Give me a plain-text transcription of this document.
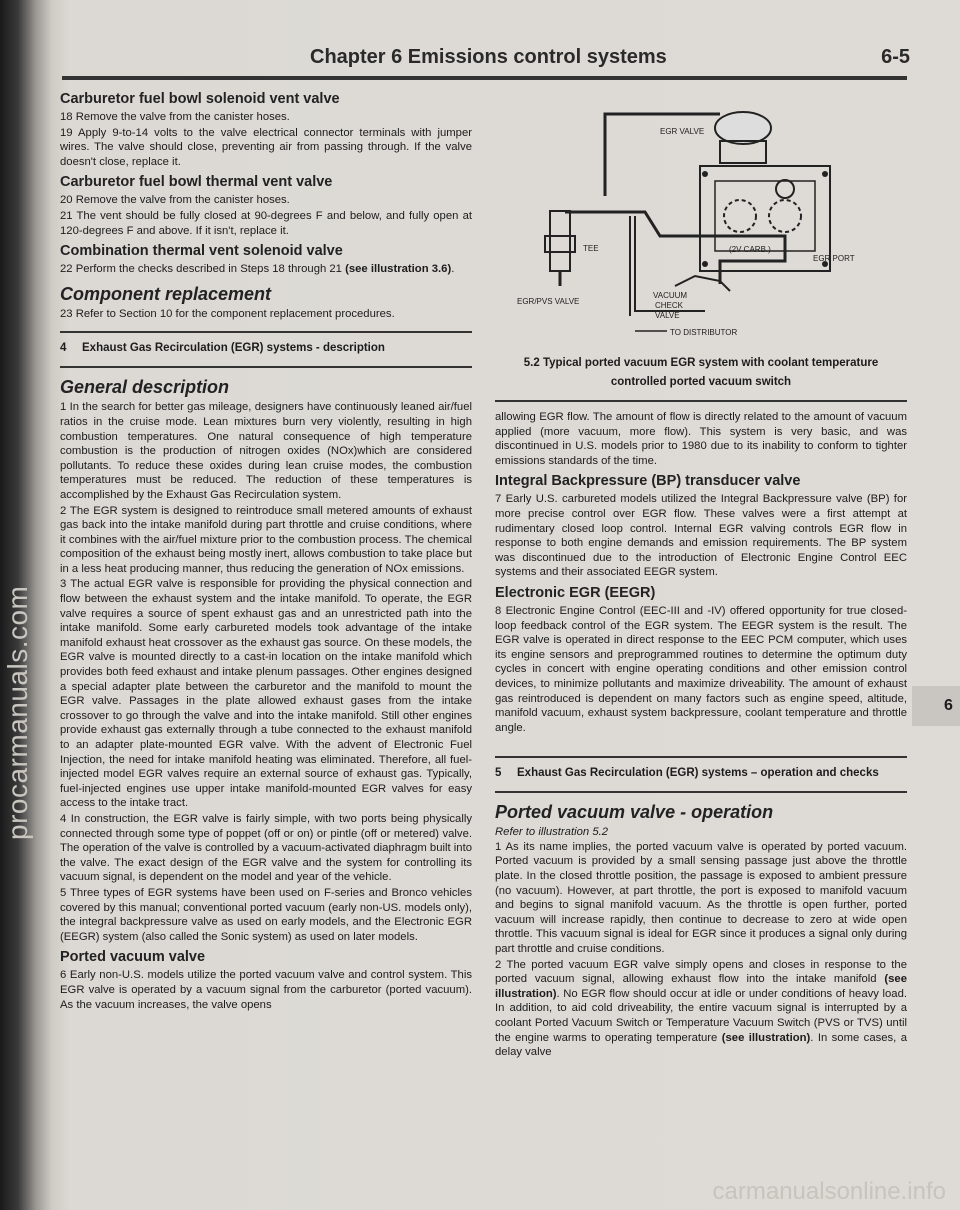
procarmanuals.com
Chapter 6 Emissions control systems	6-5
Carburetor fuel bowl solenoid vent valve

18 Remove the valve from the canister hoses.

19 Apply 9-to-14 volts to the valve electrical connector terminals with jumper wires. The valve should close, preventing air from passing through. If the valve doesn't close, replace it.

Carburetor fuel bowl thermal vent valve

20 Remove the valve from the canister hoses.

21 The vent should be fully closed at 90-degrees F and below, and fully open at 120-degrees F and above. If it isn't, replace it.

Combination thermal vent solenoid valve

22 Perform the checks described in Steps 18 through 21 (see illustration 3.6).

Component replacement

23 Refer to Section 10 for the component replacement procedures.

4 Exhaust Gas Recirculation (EGR) systems - description

General description

1 In the search for better gas mileage, designers have continuously leaned air/fuel ratios in the cruise mode. Lean mixtures burn very violently, resulting in high combustion temperatures. One natural consequence of high temperature combustion is the production of nitrogen oxides (NOx)which are considered pollutants. To reduce these oxides during lean cruise modes, the combustion temperatures must be reduced. The reduction of these temperatures is accomplished by the Exhaust Gas Recirculation system.

2 The EGR system is designed to reintroduce small metered amounts of exhaust gas back into the intake manifold during part throttle and cruise conditions, where it combines with the air/fuel mixture prior to the combustion process. The chemical composition of the exhaust being mostly inert, allows combustion to take place but in a less heat producing manner, thus reducing the generation of NOx emissions.

3 The actual EGR valve is responsible for providing the physical connection and flow between the exhaust system and the intake manifold. To operate, the EGR valve requires a source of spent exhaust gas and an unrestricted path into the intake manifold. Some early carbureted models took advantage of the intake manifold exhaust heat crossover as the exhaust gas source. On these models, the EGR valve is mounted directly to a cast-in location on the intake manifold which provides both feed exhaust and intake plenum passages. Other engines designed a special adapter plate between the carburetor and the manifold to mount the EGR valve. Passages in the plate allowed exhaust gases from the intake crossover to go through the valve and into the intake manifold. Still other engines provide exhaust gas externally through a tube connected to the exhaust manifold to an adapter plate-mounted EGR valve. With the advent of Electronic Fuel Injection, the need for intake manifold heating was eliminated. Therefore, all fuel-injected model EGR valves require an external source of exhaust gas. Typically, fuel-injected engines use upper intake manifold-mounted EGR valves for easy access to the intake tract.

4 In construction, the EGR valve is fairly simple, with two ports being physically connected through some type of poppet (off or on) or pintle (off or metered) valve. The operation of the valve is controlled by a vacuum-activated diaphragm built into the valve. The exact design of the EGR valve and the system for controlling its vacuum signal, is dependent on the model and year of the vehicle.

5 Three types of EGR systems have been used on F-series and Bronco vehicles covered by this manual; conventional ported vacuum (early non-US. models only), the integral backpressure valve as used on early models, and the Electronic EGR (EEGR) system (also called the Sonic system) as used on later models.

Ported vacuum valve

6 Early non-U.S. models utilize the ported vacuum valve and control system. This EGR valve is operated by a vacuum signal from the carburetor (ported vacuum). As the vacuum increases, the valve opens

EGR VALVE
TEE	(2V CARB.)
EGR PORT
EGR/PVS VALVE
VACUUM
CHECK
VALVE
TO DISTRIBUTOR

5.2 Typical ported vacuum EGR system with coolant temperature

controlled ported vacuum switch

allowing EGR flow. The amount of flow is directly related to the amount of vacuum applied (more vacuum, more flow). This system is very basic, and was discontinued in U.S. models prior to 1980 due to its inability to conform to tighter emissions standards of the time.

Integral Backpressure (BP) transducer valve

7 Early U.S. carbureted models utilized the Integral Backpressure valve (BP) for more precise control over EGR flow. These valves were a first attempt at rudimentary closed loop control. Internal EGR valving controls EGR flow in response to both engine demands and emission requirements. The BP system was discontinued due to the introduction of Electronic Engine Control EEC systems and their associated EEGR system.

Electronic EGR (EEGR)

8 Electronic Engine Control (EEC-III and -IV) offered opportunity for true closed-loop feedback control of the EGR system. The EEGR system is the result. The EGR valve is operated in direct response to the EEC PCM computer, which uses its engine sensors and preprogrammed routines to determine the optimum duty cycles in concert with engine operating conditions and other emission control devices, to minimize pollutants and maximize driveability. The amount of exhaust gas reintroduced is dependent on many factors such as engine speed, altitude, manifold vacuum, exhaust system backpressure, coolant temperature and throttle angle.

5 Exhaust Gas Recirculation (EGR) systems – operation and checks

Ported vacuum valve - operation

Refer to illustration 5.2

1 As its name implies, the ported vacuum valve is operated by ported vacuum. Ported vacuum is provided by a small sensing passage just above the throttle plate. In the closed throttle position, the passage is exposed to ambient pressure (no vacuum). However, at part throttle, the port is exposed to manifold vacuum and begins to signal manifold vacuum. As the throttle is open further, ported vacuum will increase rapidly, then continue to decrease to zero at wide open throttle. This vacuum signal is ideal for EGR since it produces a signal only during part throttle and cruise conditions.

2 The ported vacuum EGR valve simply opens and closes in response to the ported vacuum signal, allowing exhaust flow into the intake manifold (see illustration). No EGR flow should occur at idle or under conditions of heavy load. In addition, to aid cold driveability, the entire vacuum signal is interrupted by a coolant Ported Vacuum Switch or Temperature Vacuum Switch (PVS or TVS) until the engine warms to operating temperature (see illustration). In some cases, a delay valve

6
carmanualsonline.info
